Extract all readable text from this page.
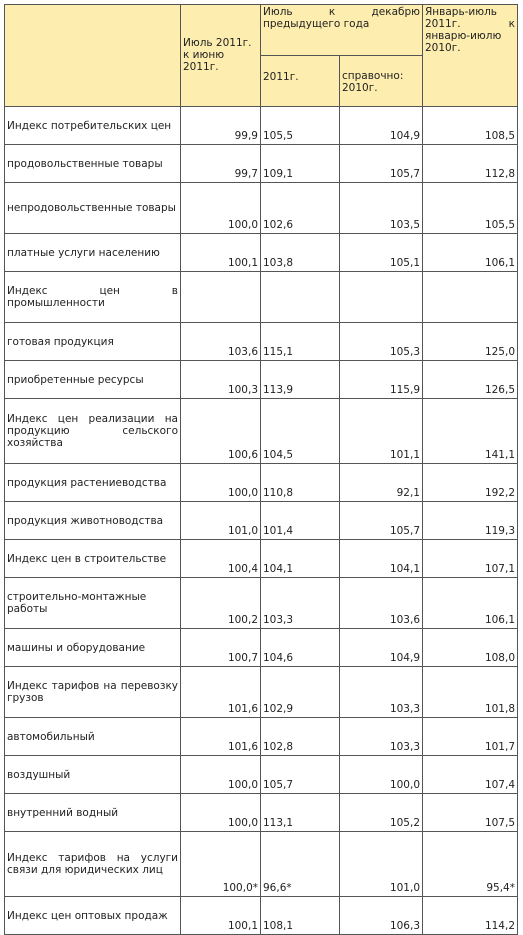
	Июль 2011г. к июню 2011г.	Июль к декабрю предыдущего года		Январь-июль 2011г. к январю-июлю 2010г.
		2011г.	справочно: 2010г.	
Индекс потребительских цен	99,9	105,5	104,9	108,5
продовольственные товары	99,7	109,1	105,7	112,8
непродовольственные товары	100,0	102,6	103,5	105,5
платные услуги населению	100,1	103,8	105,1	106,1
Индекс цен в промышленности				
готовая продукция	103,6	115,1	105,3	125,0
приобретенные ресурсы	100,3	113,9	115,9	126,5
Индекс цен реализации на продукцию сельского хозяйства	100,6	104,5	101,1	141,1
продукция растениеводства	100,0	110,8	92,1	192,2
продукция животноводства	101,0	101,4	105,7	119,3
Индекс цен в строительстве	100,4	104,1	104,1	107,1
строительно-монтажные работы	100,2	103,3	103,6	106,1
машины и оборудование	100,7	104,6	104,9	108,0
Индекс тарифов на перевозку грузов	101,6	102,9	103,3	101,8
автомобильный	101,6	102,8	103,3	101,7
воздушный	100,0	105,7	100,0	107,4
внутренний водный	100,0	113,1	105,2	107,5
Индекс тарифов на услуги связи для юридических лиц	100,0*	96,6*	101,0	95,4*
Индекс цен оптовых продаж	100,1	108,1	106,3	114,2
